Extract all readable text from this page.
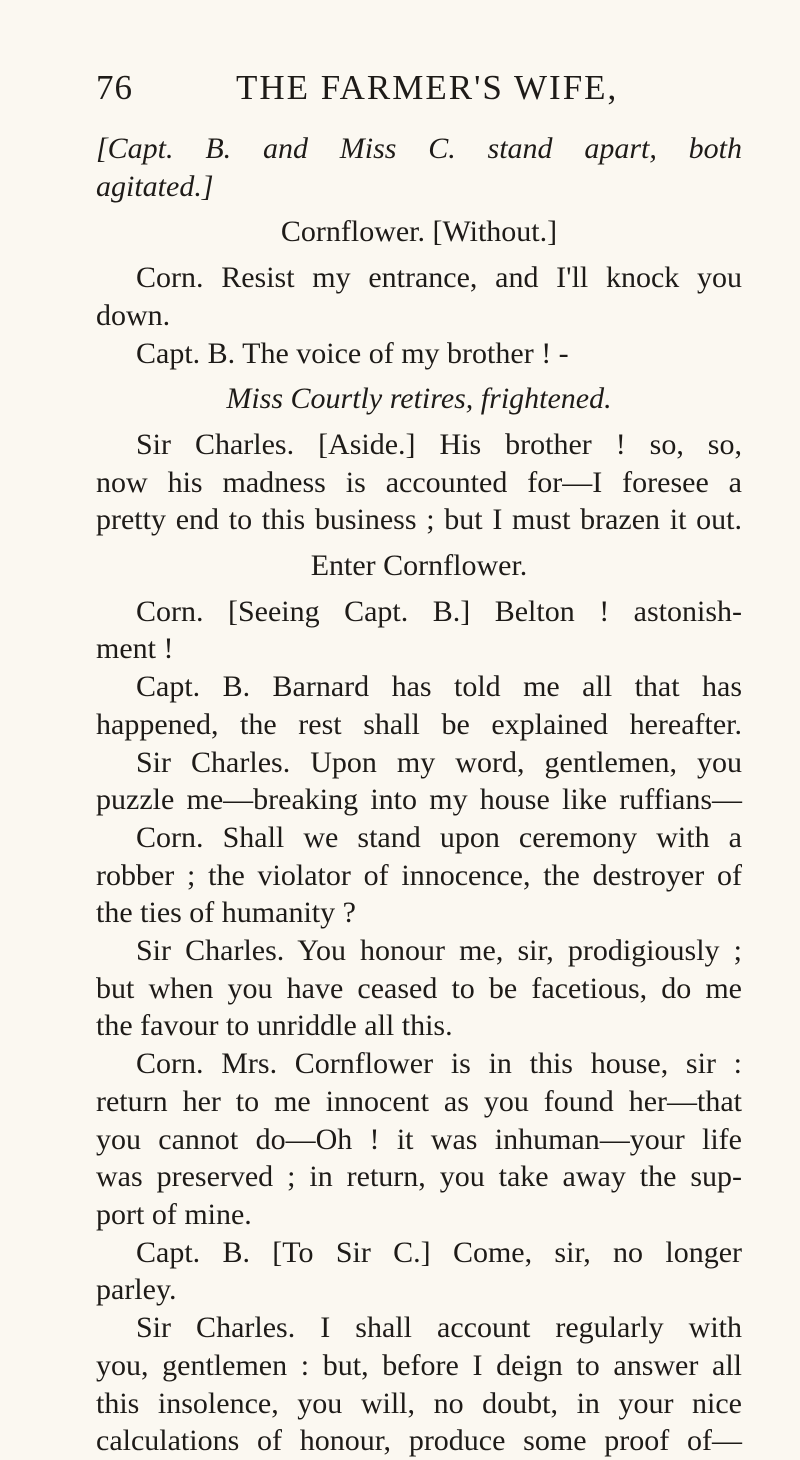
76	THE FARMER'S WIFE,
[Capt. B. and Miss C. stand apart, both
agitated.]
Cornflower. [Without.]
Corn. Resist my entrance, and I'll knock you
down.
Capt. B. The voice of my brother ! -
Miss Courtly retires, frightened.
Sir Charles. [Aside.] His brother ! so, so,
now his madness is accounted for—I foresee a
pretty end to this business ; but I must brazen it out.
Enter Cornflower.
Corn. [Seeing Capt. B.] Belton ! astonish-
ment !
Capt. B. Barnard has told me all that has
happened, the rest shall be explained hereafter.
Sir Charles. Upon my word, gentlemen, you
puzzle me—breaking into my house like ruffians—
Corn. Shall we stand upon ceremony with a
robber ; the violator of innocence, the destroyer of
the ties of humanity ?
Sir Charles. You honour me, sir, prodigiously ;
but when you have ceased to be facetious, do me
the favour to unriddle all this.
Corn. Mrs. Cornflower is in this house, sir :
return her to me innocent as you found her—that
you cannot do—Oh ! it was inhuman—your life
was preserved ; in return, you take away the sup-
port of mine.
Capt. B. [To Sir C.] Come, sir, no longer
parley.
Sir Charles. I shall account regularly with
you, gentlemen : but, before I deign to answer all
this insolence, you will, no doubt, in your nice
calculations of honour, produce some proof of—
